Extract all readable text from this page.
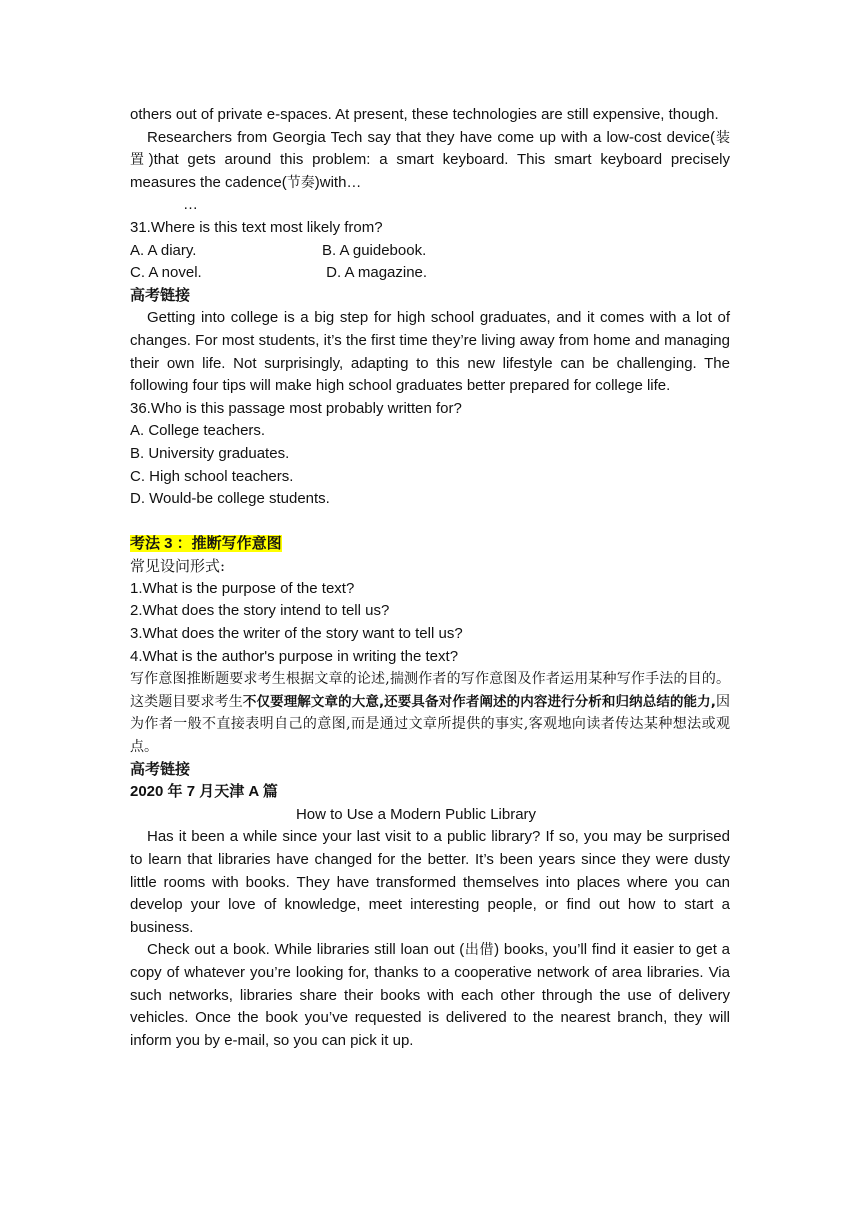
others out of private e-spaces. At present, these technologies are still expensive, though.

Researchers from Georgia Tech say that they have come up with a low-cost device(装置)that gets around this problem: a smart keyboard. This smart keyboard precisely measures the cadence(节奏)with…

…

31.Where is this text most likely from?

A. A diary.	B. A guidebook.
C. A novel.	D. A magazine.

高考链接

Getting into college is a big step for high school graduates, and it comes with a lot of changes. For most students, it’s the first time they’re living away from home and managing their own life. Not surprisingly, adapting to this new lifestyle can be challenging. The following four tips will make high school graduates better prepared for college life.

36.Who is this passage most probably written for?

A. College teachers.

B. University graduates.

C. High school teachers.

D. Would-be college students.

考法 3 ：推断写作意图

常见设问形式:

1.What is the purpose of the text?

2.What does the story intend to tell us?

3.What does the writer of the story want to tell us?

4.What is the author's purpose in writing the text?

写作意图推断题要求考生根据文章的论述,揣测作者的写作意图及作者运用某种写作手法的目的。这类题目要求考生不仅要理解文章的大意,还要具备对作者阐述的内容进行分析和归纳总结的能力,因为作者一般不直接表明自己的意图,而是通过文章所提供的事实,客观地向读者传达某种想法或观点。

高考链接

2020 年 7 月天津 A 篇

How to Use a Modern Public Library

Has it been a while since your last visit to a public library? If so, you may be surprised to learn that libraries have changed for the better. It’s been years since they were dusty little rooms with books. They have transformed themselves into places where you can develop your love of knowledge, meet interesting people, or find out how to start a business.

Check out a book. While libraries still loan out (出借) books, you’ll find it easier to get a copy of whatever you’re looking for, thanks to a cooperative network of area libraries. Via such networks, libraries share their books with each other through the use of delivery vehicles. Once the book you’ve requested is delivered to the nearest branch, they will inform you by e-mail, so you can pick it up.
